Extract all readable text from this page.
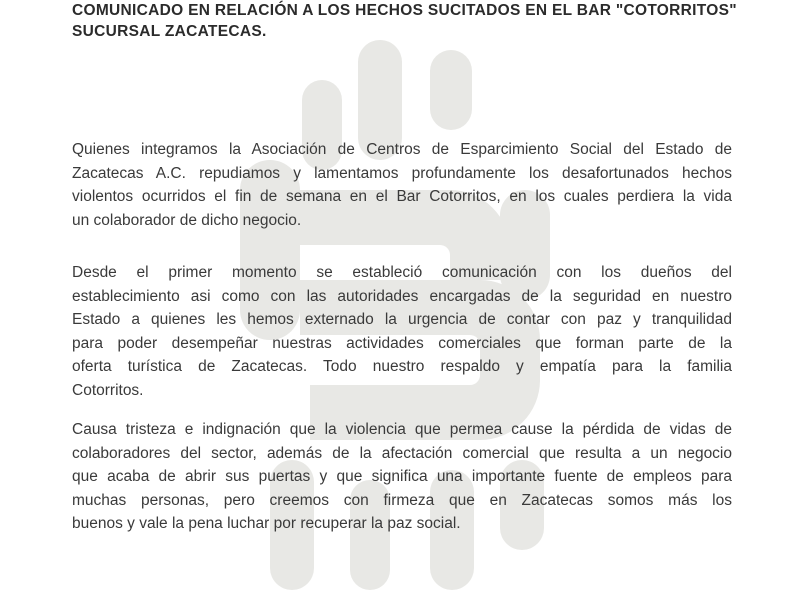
COMUNICADO EN RELACIÓN A LOS HECHOS SUCITADOS EN EL BAR "COTORRITOS"
SUCURSAL ZACATECAS.
Quienes integramos la Asociación de Centros de Esparcimiento Social del Estado de
Zacatecas A.C. repudiamos y lamentamos profundamente los desafortunados hechos
violentos ocurridos el fin de semana en el Bar Cotorritos, en los cuales perdiera la vida
un colaborador de dicho negocio.
Desde el primer momento se estableció comunicación con los dueños del
establecimiento asi como con las autoridades encargadas de la seguridad en nuestro
Estado a quienes les hemos externado la urgencia de contar con paz y tranquilidad
para poder desempeñar nuestras actividades comerciales que forman parte de la
oferta turística de Zacatecas. Todo nuestro respaldo y empatía para la familia
Cotorritos.
Causa tristeza e indignación que la violencia que permea cause la pérdida de vidas de
colaboradores del sector, además de la afectación comercial que resulta a un negocio
que acaba de abrir sus puertas y que significa una importante fuente de empleos para
muchas personas, pero creemos con firmeza que en Zacatecas somos más los
buenos y vale la pena luchar por recuperar la paz social.
